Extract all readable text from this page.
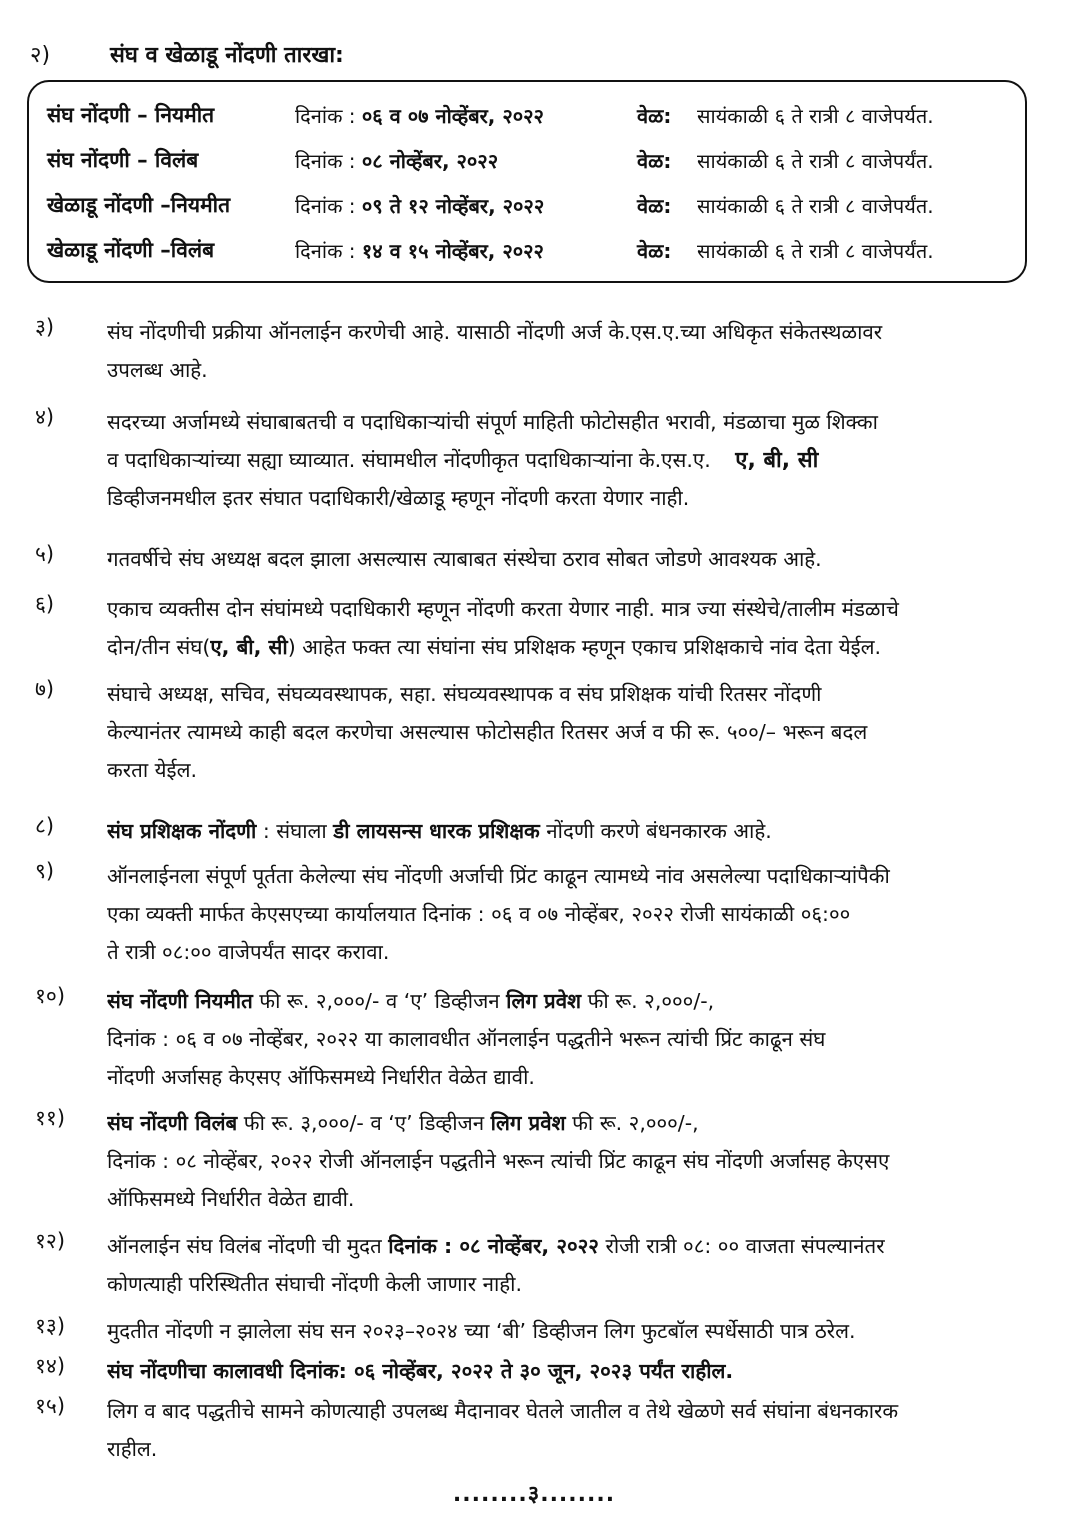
२)	संघ व खेळाडू नोंदणी तारखा:
संघ नोंदणी – नियमीत	दिनांक : ०६ व ०७ नोव्हेंबर, २०२२	वेळ: सायंकाळी ६ ते रात्री ८ वाजेपर्यत.
संघ नोंदणी – विलंब	दिनांक : ०८ नोव्हेंबर, २०२२	वेळ: सायंकाळी ६ ते रात्री ८ वाजेपर्यंत.
खेळाडू नोंदणी –नियमीत	दिनांक : ०९ ते १२ नोव्हेंबर, २०२२	वेळ: सायंकाळी ६ ते रात्री ८ वाजेपर्यंत.
खेळाडू नोंदणी –विलंब	दिनांक : १४ व १५ नोव्हेंबर, २०२२	वेळ: सायंकाळी ६ ते रात्री ८ वाजेपर्यंत.
३)	संघ नोंदणीची प्रक्रीया ऑनलाईन करणेची आहे. यासाठी नोंदणी अर्ज के.एस.ए.च्या अधिकृत संकेतस्थळावर
उपलब्ध आहे.
४)	सदरच्या अर्जामध्ये संघाबाबतची व पदाधिकाऱ्यांची संपूर्ण माहिती फोटोसहीत भरावी, मंडळाचा मुळ शिक्का
व पदाधिकाऱ्यांच्या सह्या घ्याव्यात. संघामधील नोंदणीकृत पदाधिकाऱ्यांना के.एस.ए. ए, बी, सी
डिव्हीजनमधील इतर संघात पदाधिकारी/खेळाडू म्हणून नोंदणी करता येणार नाही.
५)	गतवर्षीचे संघ अध्यक्ष बदल झाला असल्यास त्याबाबत संस्थेचा ठराव सोबत जोडणे आवश्यक आहे.
६)	एकाच व्यक्तीस दोन संघांमध्ये पदाधिकारी म्हणून नोंदणी करता येणार नाही. मात्र ज्या संस्थेचे/तालीम मंडळाचे
दोन/तीन संघ(ए, बी, सी) आहेत फक्त त्या संघांना संघ प्रशिक्षक म्हणून एकाच प्रशिक्षकाचे नांव देता येईल.
७)	संघाचे अध्यक्ष, सचिव, संघव्यवस्थापक, सहा. संघव्यवस्थापक व संघ प्रशिक्षक यांची रितसर नोंदणी
केल्यानंतर त्यामध्ये काही बदल करणेचा असल्यास फोटोसहीत रितसर अर्ज व फी रू. ५००/– भरून बदल
करता येईल.
८)	संघ प्रशिक्षक नोंदणी : संघाला डी लायसन्स धारक प्रशिक्षक नोंदणी करणे बंधनकारक आहे.
९)	ऑनलाईनला संपूर्ण पूर्तता केलेल्या संघ नोंदणी अर्जाची प्रिंट काढून त्यामध्ये नांव असलेल्या पदाधिकाऱ्यांपैकी
एका व्यक्ती मार्फत केएसएच्या कार्यालयात दिनांक : ०६ व ०७ नोव्हेंबर, २०२२ रोजी सायंकाळी ०६:००
ते रात्री ०८:०० वाजेपर्यंत सादर करावा.
१०) संघ नोंदणी नियमीत फी रू. २,०००/- व ‘ए’ डिव्हीजन लिग प्रवेश फी रू. २,०००/-,
दिनांक : ०६ व ०७ नोव्हेंबर, २०२२ या कालावधीत ऑनलाईन पद्धतीने भरून त्यांची प्रिंट काढून संघ
नोंदणी अर्जासह केएसए ऑफिसमध्ये निर्धारीत वेळेत द्यावी.
११) संघ नोंदणी विलंब फी रू. ३,०००/- व ‘ए’ डिव्हीजन लिग प्रवेश फी रू. २,०००/-,
दिनांक : ०८ नोव्हेंबर, २०२२ रोजी ऑनलाईन पद्धतीने भरून त्यांची प्रिंट काढून संघ नोंदणी अर्जासह केएसए
ऑफिसमध्ये निर्धारीत वेळेत द्यावी.
१२) ऑनलाईन संघ विलंब नोंदणी ची मुदत दिनांक : ०८ नोव्हेंबर, २०२२ रोजी रात्री ०८: ०० वाजता संपल्यानंतर
कोणत्याही परिस्थितीत संघाची नोंदणी केली जाणार नाही.
१३) मुदतीत नोंदणी न झालेला संघ सन २०२३–२०२४ च्या ‘बी’ डिव्हीजन लिग फुटबॉल स्पर्धेसाठी पात्र ठरेल.
१४) संघ नोंदणीचा कालावधी दिनांक: ०६ नोव्हेंबर, २०२२ ते ३० जून, २०२३ पर्यंत राहील.
१५) लिग व बाद पद्धतीचे सामने कोणत्याही उपलब्ध मैदानावर घेतले जातील व तेथे खेळणे सर्व संघांना बंधनकारक
राहील.
........३........
